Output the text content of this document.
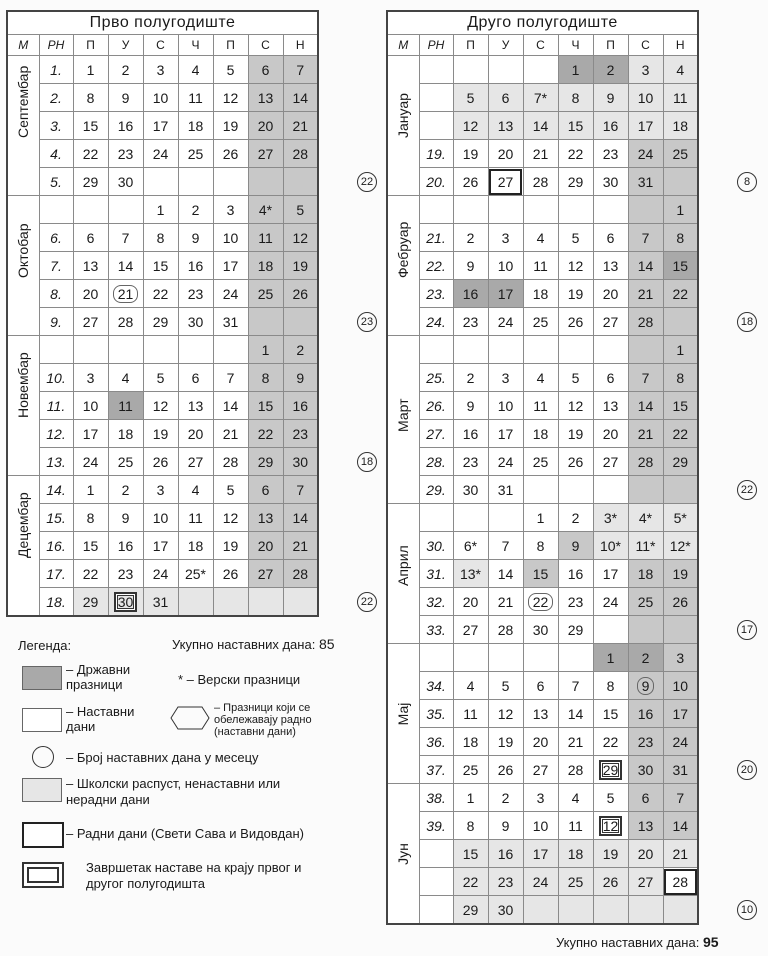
Прво полугодиште								
М	РН	П	У	С	Ч	П	С	Н
Септембар	1.	1	2	3	4	5	6	7
	2.	8	9	10	11	12	13	14
	3.	15	16	17	18	19	20	21
	4.	22	23	24	25	26	27	28
	5.	29	30					
Октобар				1	2	3	4*	5
	6.	6	7	8	9	10	11	12
	7.	13	14	15	16	17	18	19
	8.	20	21	22	23	24	25	26
	9.	27	28	29	30	31		
Новембар							1	2
	10.	3	4	5	6	7	8	9
	11.	10	11	12	13	14	15	16
	12.	17	18	19	20	21	22	23
	13.	24	25	26	27	28	29	30
Децембар	14.	1	2	3	4	5	6	7
	15.	8	9	10	11	12	13	14
	16.	15	16	17	18	19	20	21
	17.	22	23	24	25*	26	27	28
	18.	29	30	31				
Друго полугодиште								
М	РН	П	У	С	Ч	П	С	Н
Јануар					1	2	3	4
		5	6	7*	8	9	10	11
		12	13	14	15	16	17	18
	19.	19	20	21	22	23	24	25
	20.	26	27	28	29	30	31	
Фебруар								1
	21.	2	3	4	5	6	7	8
	22.	9	10	11	12	13	14	15
	23.	16	17	18	19	20	21	22
	24.	23	24	25	26	27	28	
Март								1
	25.	2	3	4	5	6	7	8
	26.	9	10	11	12	13	14	15
	27.	16	17	18	19	20	21	22
	28.	23	24	25	26	27	28	29
	29.	30	31					
Април				1	2	3*	4*	5*
	30.	6*	7	8	9	10*	11*	12*
	31.	13*	14	15	16	17	18	19
	32.	20	21	22	23	24	25	26
	33.	27	28	30	29			
Мај						1	2	3
	34.	4	5	6	7	8	9	10
	35.	11	12	13	14	15	16	17
	36.	18	19	20	21	22	23	24
	37.	25	26	27	28	29	30	31
Јун	38.	1	2	3	4	5	6	7
	39.	8	9	10	11	12	13	14
		15	16	17	18	19	20	21
		22	23	24	25	26	27	28
		29	30					
22
23
18
22
8
18
22
17
20
10
Укупно наставних дана: 85
Укупно наставних дана: 95
Легенда:
– Државни празници	* – Верски празници
– Наставни дани
– Празници који се обележавају радно (наставни дани)
– Број наставних дана у месецу
– Школски распуст, ненаставни или нерадни дани
– Радни дани (Свети Сава и Видовдан)
Завршетак наставе на крају првог и другог полугодишта
